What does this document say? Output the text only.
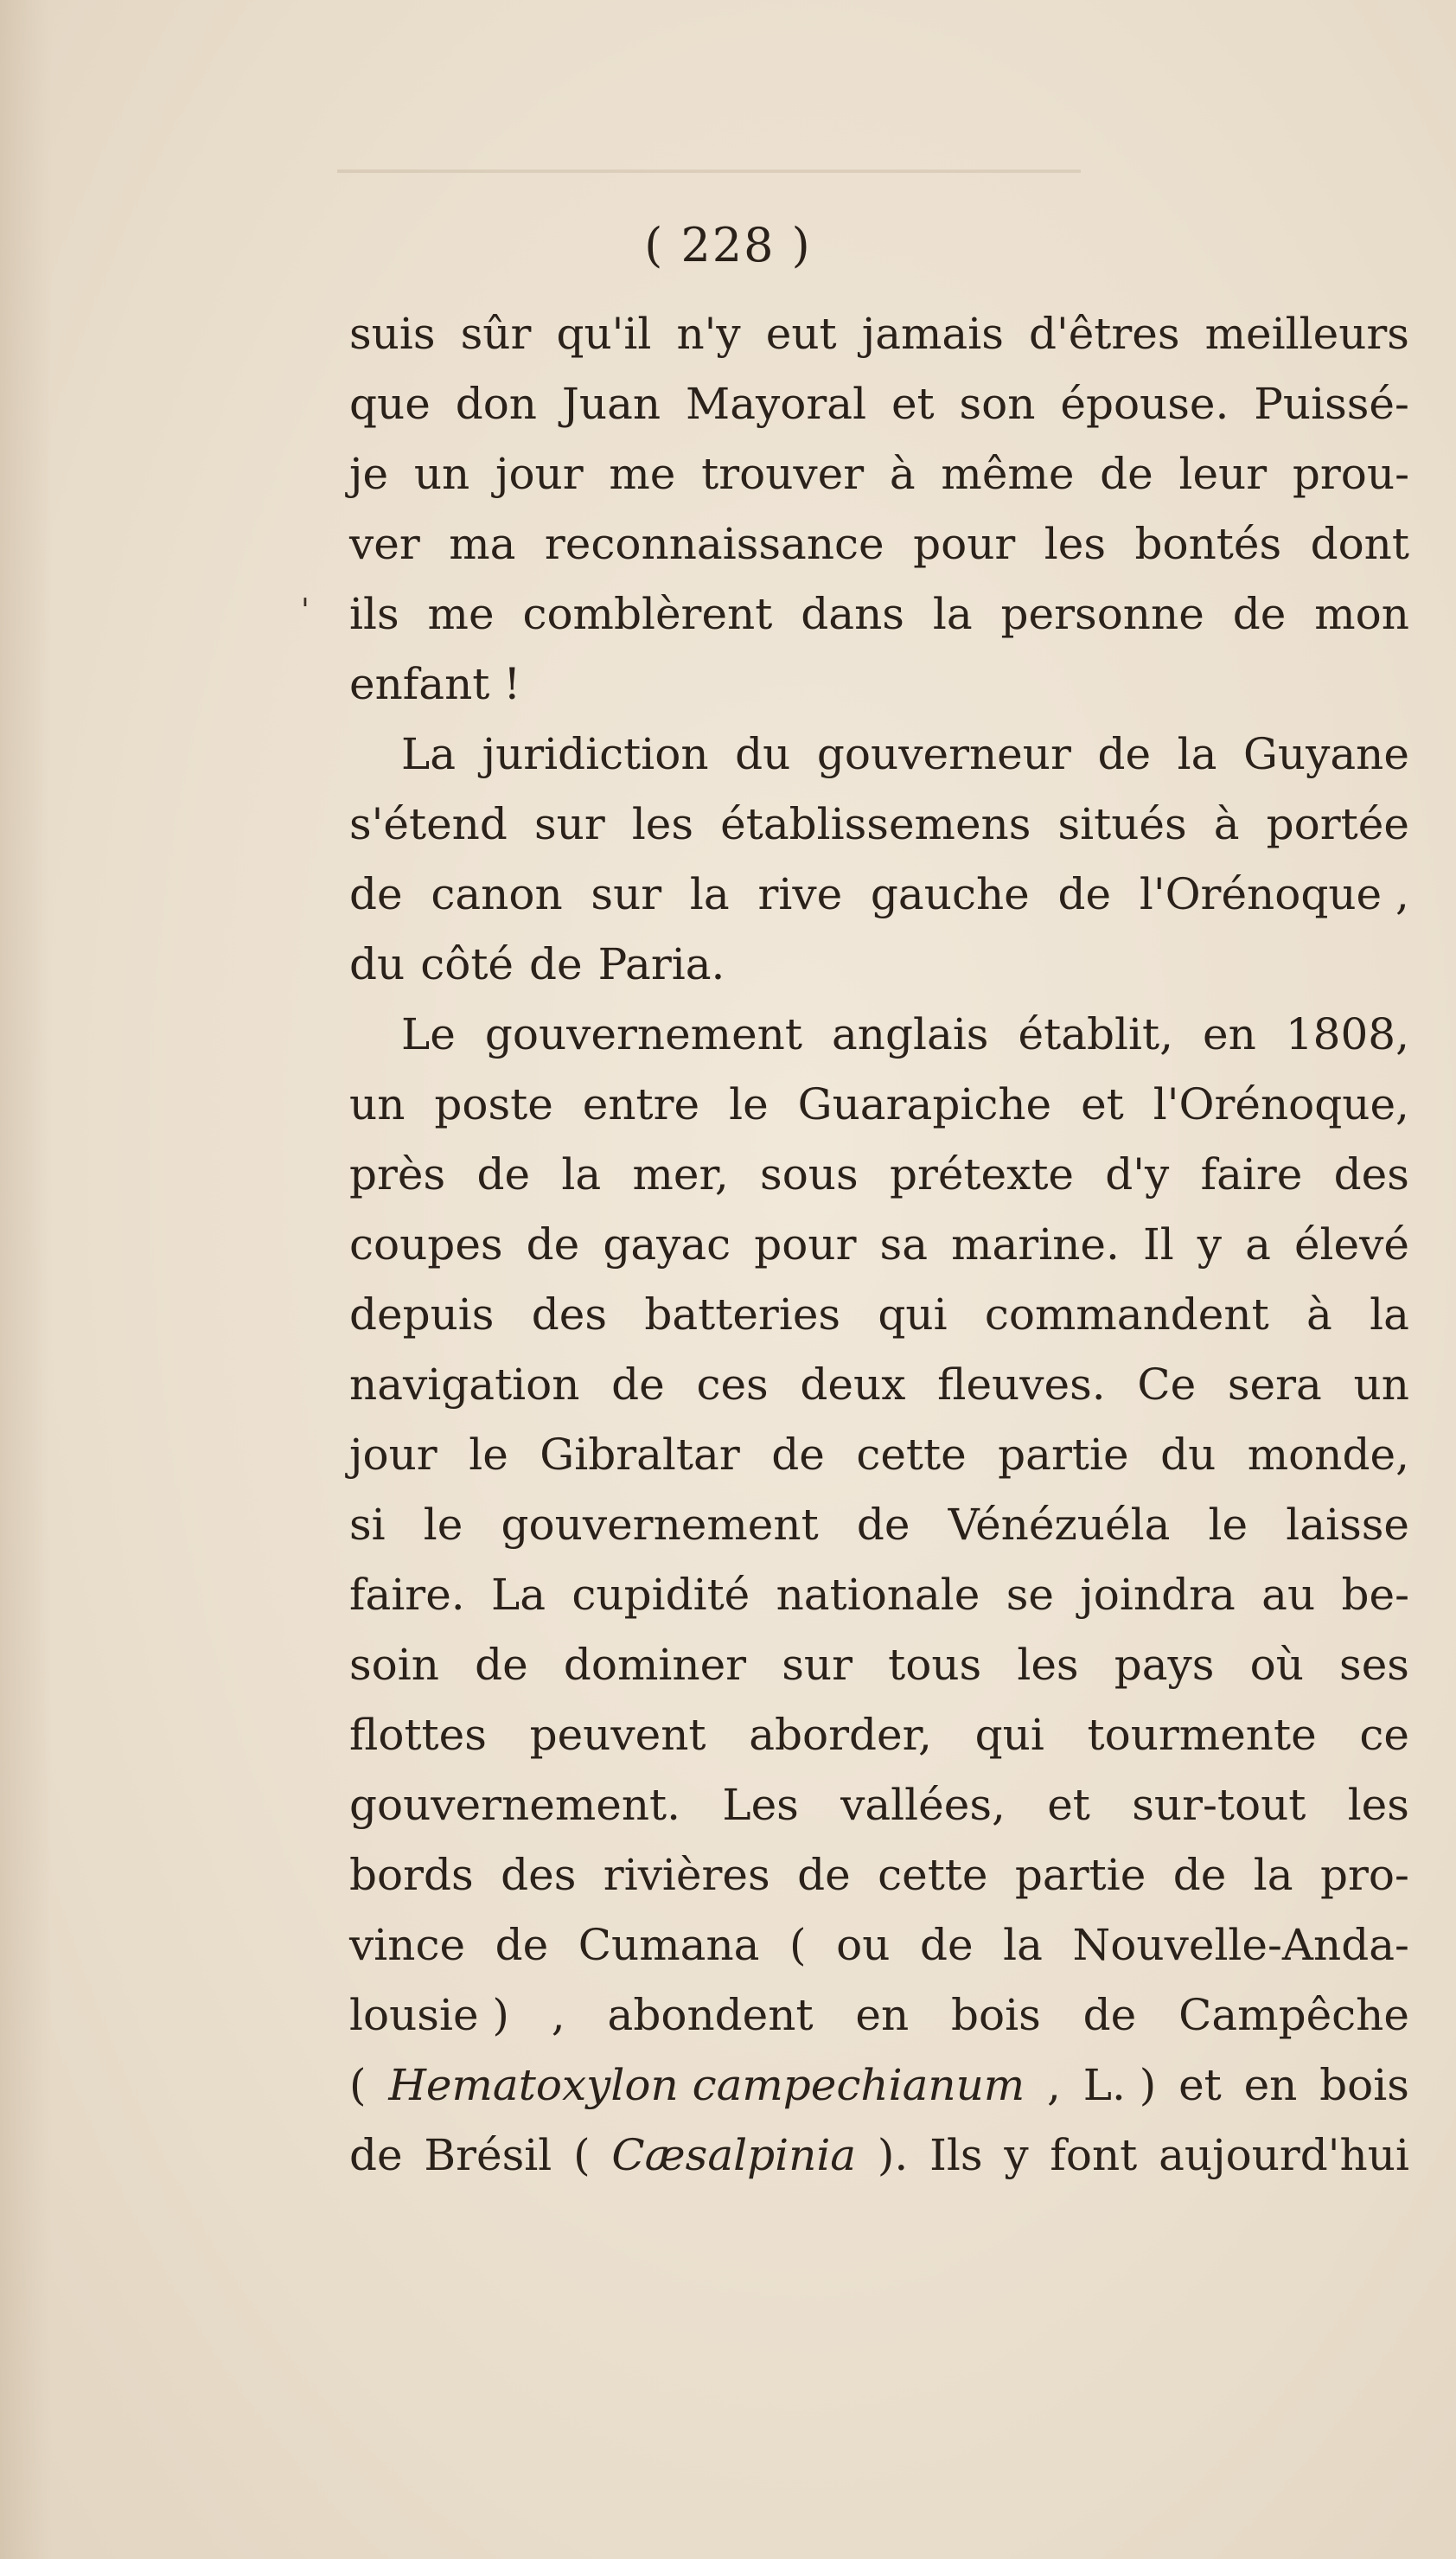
( 228 )
'
suis sûr qu'il n'y eut jamais d'êtres meilleurs
que don Juan Mayoral et son épouse. Puissé-
je un jour me trouver à même de leur prou-
ver ma reconnaissance pour les bontés dont
ils me comblèrent dans la personne de mon
enfant !
La juridiction du gouverneur de la Guyane
s'étend sur les établissemens situés à portée
de canon sur la rive gauche de l'Orénoque ,
du côté de Paria.
Le gouvernement anglais établit, en 1808,
un poste entre le Guarapiche et l'Orénoque,
près de la mer, sous prétexte d'y faire des
coupes de gayac pour sa marine. Il y a élevé
depuis des batteries qui commandent à la
navigation de ces deux fleuves. Ce sera un
jour le Gibraltar de cette partie du monde,
si le gouvernement de Vénézuéla le laisse
faire. La cupidité nationale se joindra au be-
soin de dominer sur tous les pays où ses
flottes peuvent aborder, qui tourmente ce
gouvernement. Les vallées, et sur-tout les
bords des rivières de cette partie de la pro-
vince de Cumana ( ou de la Nouvelle-Anda-
lousie ) , abondent en bois de Campêche
( Hematoxylon campechianum , L. ) et en bois
de Brésil ( Cæsalpinia ). Ils y font aujourd'hui
